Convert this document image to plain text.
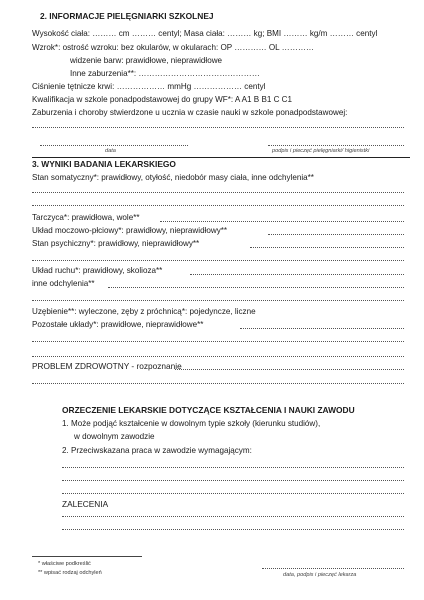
2. INFORMACJE PIELĘGNIARKI SZKOLNEJ
Wysokość ciała: ……… cm ……… centyl; Masa ciała: ……… kg; BMI ……… kg/m ……… centyl
Wzrok*: ostrość wzroku: bez okularów, w okularach: OP ………… OL …………
widzenie barw: prawidłowe, nieprawidłowe
Inne zaburzenia**: ………………………………………
Ciśnienie tętnicze krwi: ……………… mmHg ……………… centyl
Kwalifikacja w szkole ponadpodstawowej do grupy WF*: A A1 B B1 C C1
Zaburzenia i choroby stwierdzone u ucznia w czasie nauki w szkole ponadpodstawowej:
data	podpis i pieczęć pielęgniarki/ higienistki
3. WYNIKI BADANIA LEKARSKIEGO
Stan somatyczny*: prawidłowy, otyłość, niedobór masy ciała, inne odchylenia**
Tarczyca*: prawidłowa, wole**
Układ moczowo-płciowy*: prawidłowy, nieprawidłowy**
Stan psychiczny*: prawidłowy, nieprawidłowy**
Układ ruchu*: prawidłowy, skolioza**
inne odchylenia**
Uzębienie**: wyleczone, zęby z próchnicą*: pojedyncze, liczne
Pozostałe układy*: prawidłowe, nieprawidłowe**
PROBLEM ZDROWOTNY - rozpoznanie
ORZECZENIE LEKARSKIE DOTYCZĄCE KSZTAŁCENIA I NAUKI ZAWODU
1. Może podjąć kształcenie w dowolnym typie szkoły (kierunku studiów),
w dowolnym zawodzie
2. Przeciwskazana praca w zawodzie wymagającym:
ZALECENIA
* właściwe podkreślić
** wpisać rodzaj odchyleń	data, podpis i pieczęć lekarza
